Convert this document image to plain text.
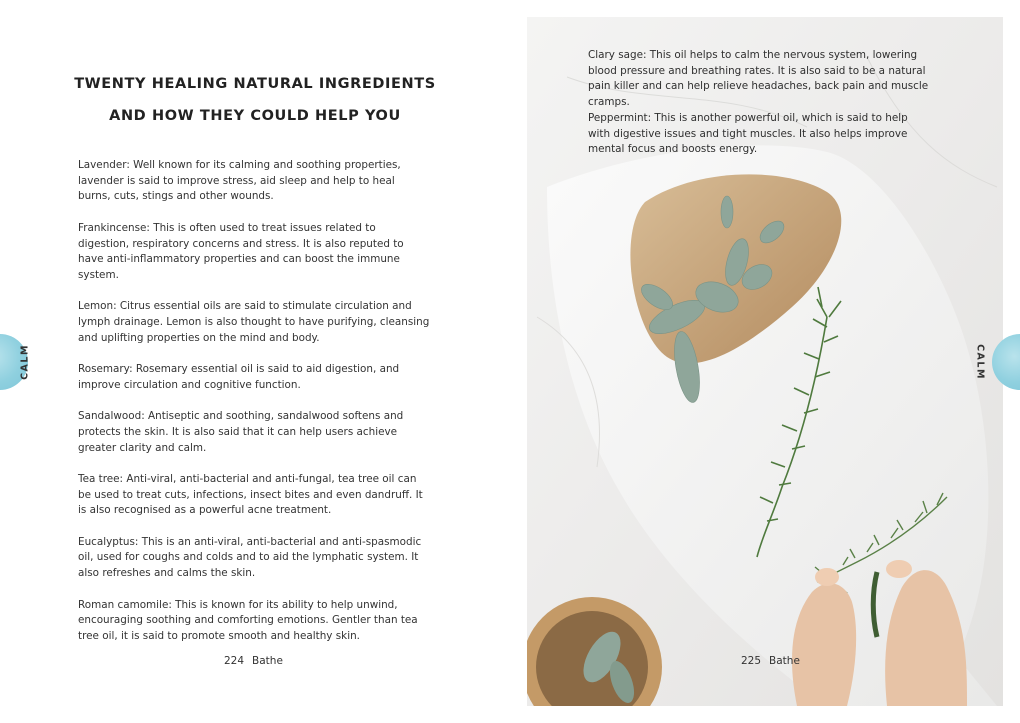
TWENTY HEALING NATURAL INGREDIENTS
AND HOW THEY COULD HELP YOU

Lavender: Well known for its calming and soothing properties, lavender is said to improve stress, aid sleep and help to heal burns, cuts, stings and other wounds.

Frankincense: This is often used to treat issues related to digestion, respiratory concerns and stress. It is also reputed to have anti-inflammatory properties and can boost the immune system.

Lemon: Citrus essential oils are said to stimulate circulation and lymph drainage. Lemon is also thought to have purifying, cleansing and uplifting properties on the mind and body.

Rosemary: Rosemary essential oil is said to aid digestion, and improve circulation and cognitive function.

Sandalwood: Antiseptic and soothing, sandalwood softens and protects the skin. It is also said that it can help users achieve greater clarity and calm.

Tea tree: Anti-viral, anti-bacterial and anti-fungal, tea tree oil can be used to treat cuts, infections, insect bites and even dandruff. It is also recognised as a powerful acne treatment.

Eucalyptus: This is an anti-viral, anti-bacterial and anti-spasmodic oil, used for coughs and colds and to aid the lymphatic system. It also refreshes and calms the skin.

Roman camomile: This is known for its ability to help unwind, encouraging soothing and comforting emotions. Gentler than tea tree oil, it is said to promote smooth and healthy skin.

224 Bathe
CALM

Clary sage: This oil helps to calm the nervous system, lowering blood pressure and breathing rates. It is also said to be a natural pain killer and can help relieve headaches, back pain and muscle cramps.

Peppermint: This is another powerful oil, which is said to help with digestive issues and tight muscles. It also helps improve mental focus and boosts energy.

225 Bathe
CALM
